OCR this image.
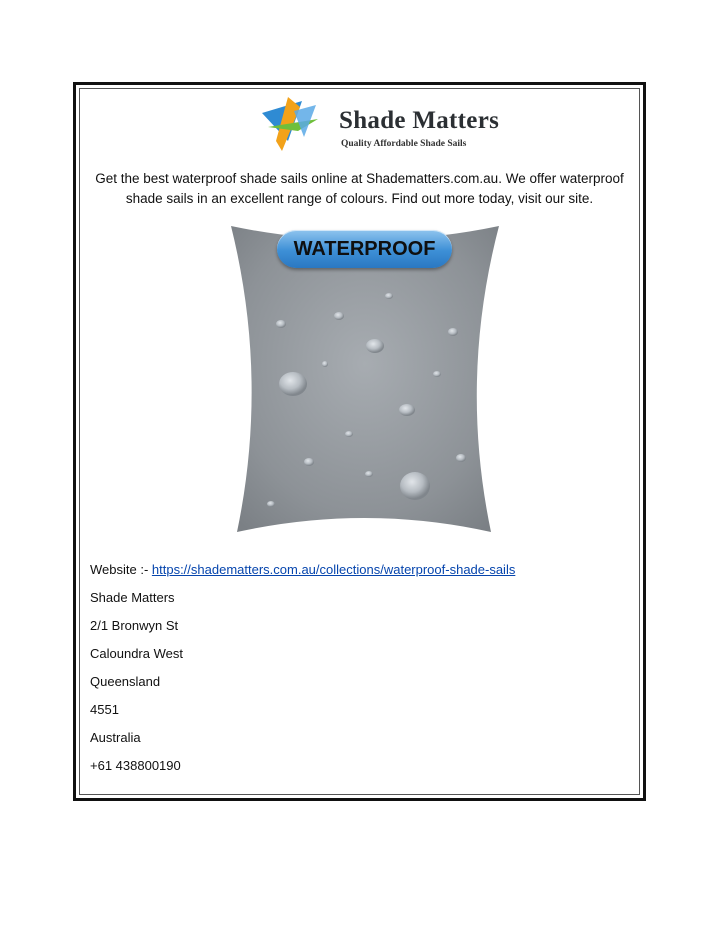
Shade Matters
Quality Affordable Shade Sails
Get the best waterproof shade sails online at Shadematters.com.au. We offer waterproof shade sails in an excellent range of colours. Find out more today, visit our site.
WATERPROOF
Website :- https://shadematters.com.au/collections/waterproof-shade-sails
Shade Matters
2/1 Bronwyn St
Caloundra West
Queensland
4551
Australia
+61 438800190
